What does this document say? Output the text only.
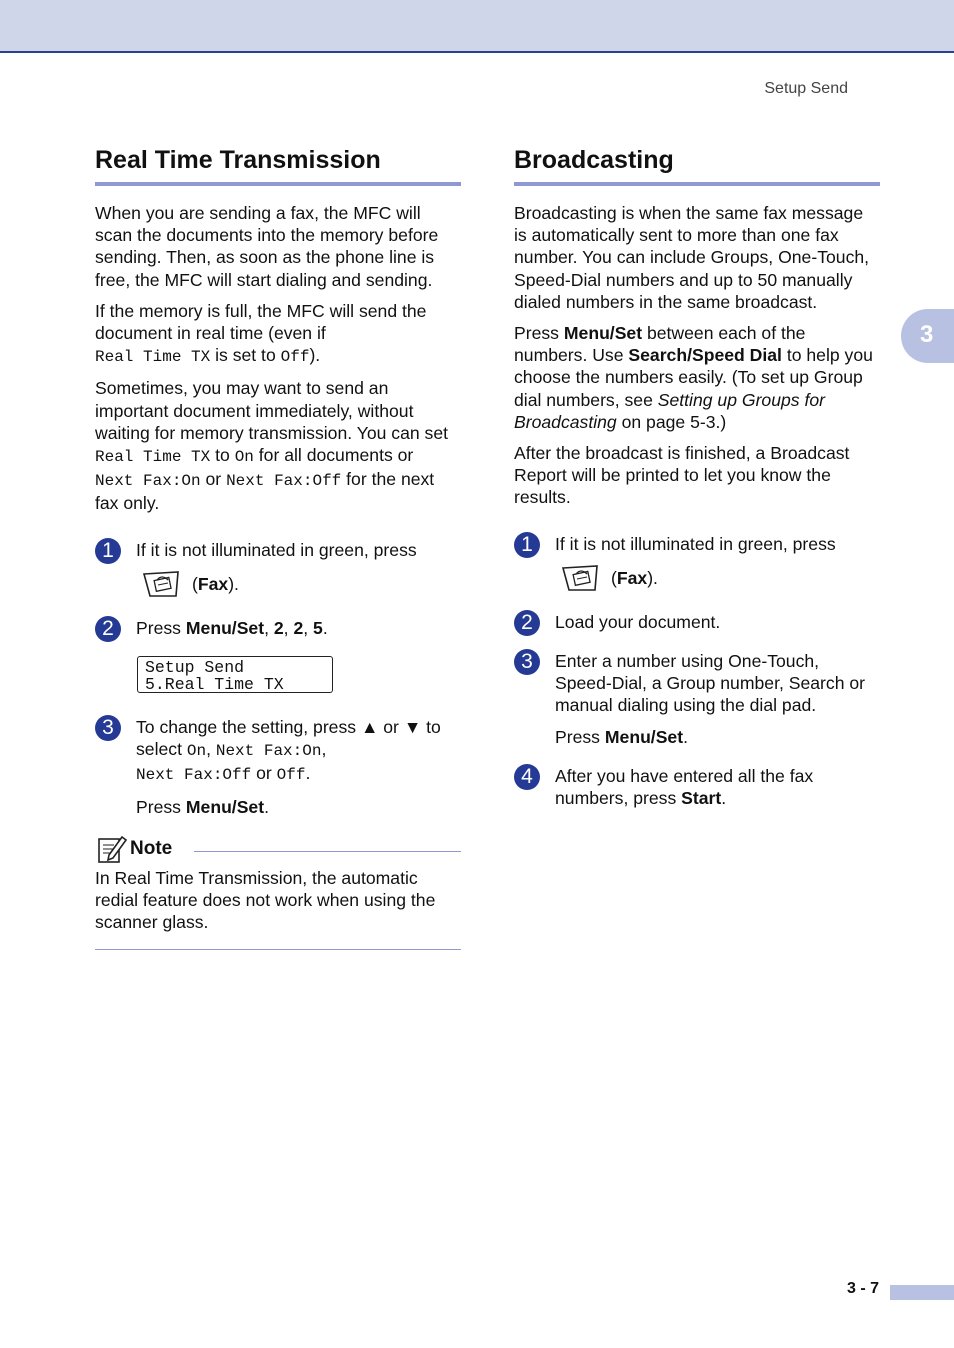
Setup Send
3
Real Time Transmission

When you are sending a fax, the MFC will scan the documents into the memory before sending. Then, as soon as the phone line is free, the MFC will start dialing and sending.

If the memory is full, the MFC will send the document in real time (even if
Real Time TX is set to Off).

Sometimes, you may want to send an important document immediately, without waiting for memory transmission. You can set
Real Time TX to On for all documents or
Next Fax:On or Next Fax:Off for the next fax only.

1	If it is not illuminated in green, press

( Fax ).
2	Press Menu/Set, 2, 2, 5.

Setup Send
5.Real Time TX
3	To change the setting, press ▲ or ▼ to select On, Next Fax:On,
Next Fax:Off or Off.

Press Menu/Set.

Note

In Real Time Transmission, the automatic redial feature does not work when using the scanner glass.

Broadcasting

Broadcasting is when the same fax message is automatically sent to more than one fax number. You can include Groups, One-Touch, Speed-Dial numbers and up to 50 manually dialed numbers in the same broadcast.

Press Menu/Set between each of the numbers. Use Search/Speed Dial to help you choose the numbers easily. (To set up Group dial numbers, see Setting up Groups for Broadcasting on page 5-3.)

After the broadcast is finished, a Broadcast Report will be printed to let you know the results.

1	If it is not illuminated in green, press

( Fax ).
2	Load your document.

3	Enter a number using One-Touch, Speed-Dial, a Group number, Search or manual dialing using the dial pad.

Press Menu/Set.

4	After you have entered all the fax numbers, press Start.

3 - 7
